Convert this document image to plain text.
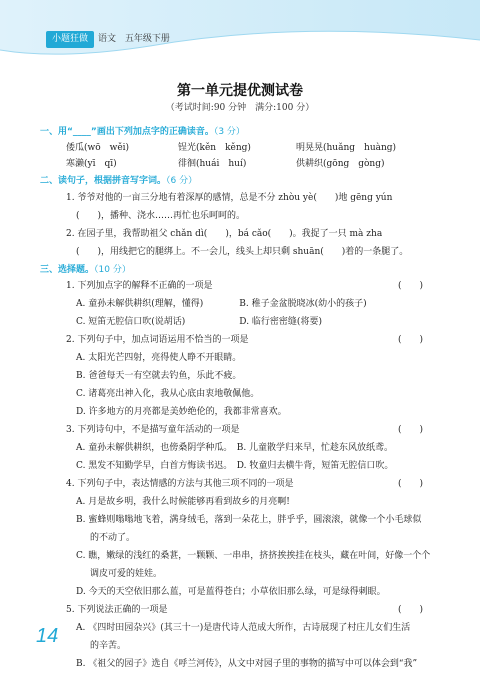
小题狂做	语文 五年级下册
第一单元提优测试卷
（考试时间:90 分钟　满分:100 分）
一、用“____”画出下列加点字的正确读音。（3 分）
倭瓜(wō　wěi)	锃光(kěn　kěng)	明晃晃(huǎng　huàng)
寒濑(yī　qī)	徘徊(huái　huí)	供耕织(gōng　gòng)
二、读句子，根据拼音写字词。（6 分）
1. 爷爷对他的一亩三分地有着深厚的感情，总是不分 zhòu yè(　　)地 gēng yún
(　　)，播种、浇水……再忙也乐呵呵的。
2. 在园子里，我帮助祖父 chǎn dì(　　)，bá cǎo(　　)。我捉了一只 mà zha
(　　)，用线把它的腿绑上。不一会儿，线头上却只剩 shuān(　　)着的一条腿了。
三、选择题。（10 分）
1. 下列加点字的解释不正确的一项是	(　　)
A. 童孙未解供耕织(理解，懂得)　　　　B. 稚子金盆脱晓冰(幼小的孩子)
C. 短笛无腔信口吹(说胡话)　　　　　　D. 临行密密缝(将要)
2. 下列句子中，加点词语运用不恰当的一项是	(　　)
A. 太阳光芒四射，亮得使人睁不开眼睛。
B. 爸爸每天一有空就去钓鱼，乐此不疲。
C. 诸葛亮出神入化，我从心底由衷地敬佩他。
D. 许多地方的月亮都是美妙绝伦的，我都非常喜欢。
3. 下列诗句中，不是描写童年活动的一项是	(　　)
A. 童孙未解供耕织，也傍桑阴学种瓜。　B. 儿童散学归来早，忙趁东风放纸鸢。
C. 黑发不知勤学早，白首方悔读书迟。　D. 牧童归去横牛背，短笛无腔信口吹。
4. 下列句子中，表达情感的方法与其他三项不同的一项是	(　　)
A. 月是故乡明，我什么时候能够再看到故乡的月亮啊!
B. 蜜蜂则嗡嗡地飞着，满身绒毛，落到一朵花上，胖乎乎，圆滚滚，就像一个小毛球似
的不动了。
C. 瞧，嫩绿的浅红的桑葚，一颗颗、一串串，挤挤挨挨挂在枝头，藏在叶间，好像一个个
调皮可爱的娃娃。
D. 今天的天空依旧那么蓝，可是蓝得苍白；小草依旧那么绿，可是绿得刺眼。
5. 下列说法正确的一项是	(　　)
A. 《四时田园杂兴》(其三十一)是唐代诗人范成大所作，古诗展现了村庄儿女们生活
的辛苦。
B. 《祖父的园子》选自《呼兰河传》，从文中对园子里的事物的描写中可以体会到“我”
14
